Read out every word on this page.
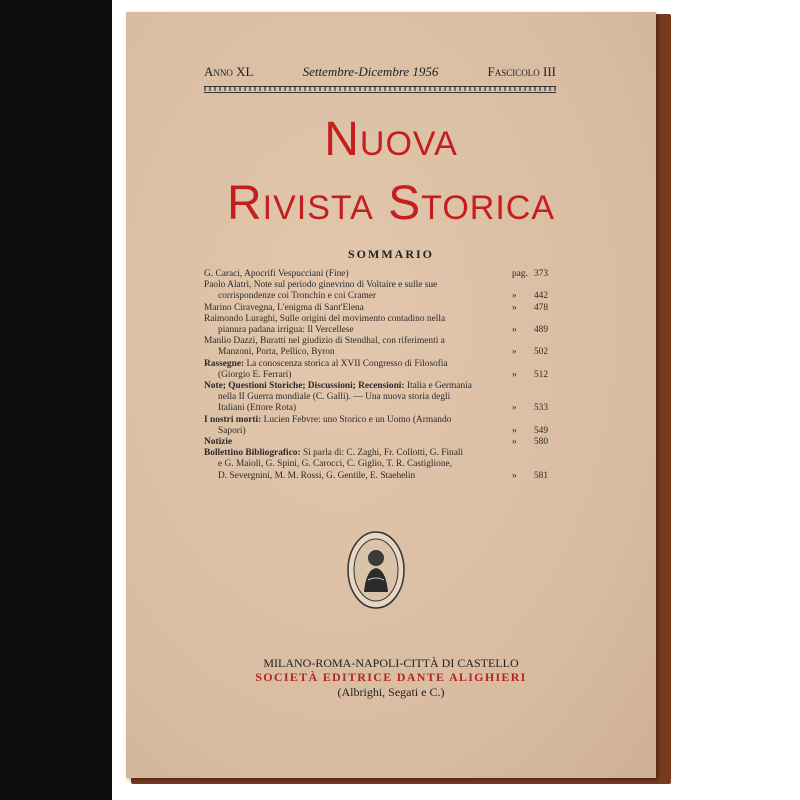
Anno XL	Settembre-Dicembre 1956	Fascicolo III
Nuova
Rivista Storica
SOMMARIO
G. Caraci, Apocrifi Vespucciani (Fine)	pag. 373
Paolo Alatri, Note sul periodo ginevrino di Voltaire e sulle sue
corrispondenze coi Tronchin e coi Cramer	» 442
Marino Ciravegna, L'enigma di Sant'Elena	» 478
Raimondo Luraghi, Sulle origini del movimento contadino nella
pianura padana irrigua: Il Vercellese	» 489
Manlio Dazzi, Buratti nel giudizio di Stendhal, con riferimenti a
Manzoni, Porta, Pellico, Byron	» 502
Rassegne: La conoscenza storica al XVII Congresso di Filosofia
(Giorgio E. Ferrari)	» 512
Note; Questioni Storiche; Discussioni; Recensioni: Italia e Germania
nella II Guerra mondiale (C. Galli). — Una nuova storia degli
Italiani (Ettore Rota)	» 533
I nostri morti: Lucien Febvre: uno Storico e un Uomo (Armando
Sapori)	» 549
Notizie	» 580
Bollettino Bibliografico: Si parla di: C. Zaghi, Fr. Collotti, G. Finali
e G. Maioli, G. Spini, G. Carocci, C. Giglio, T. R. Castiglione,
D. Severgnini, M. M. Rossi, G. Gentile, E. Staehelin	» 581
MILANO-ROMA-NAPOLI-CITTÀ DI CASTELLO
SOCIETÀ EDITRICE DANTE ALIGHIERI
(Albrighi, Segati e C.)
